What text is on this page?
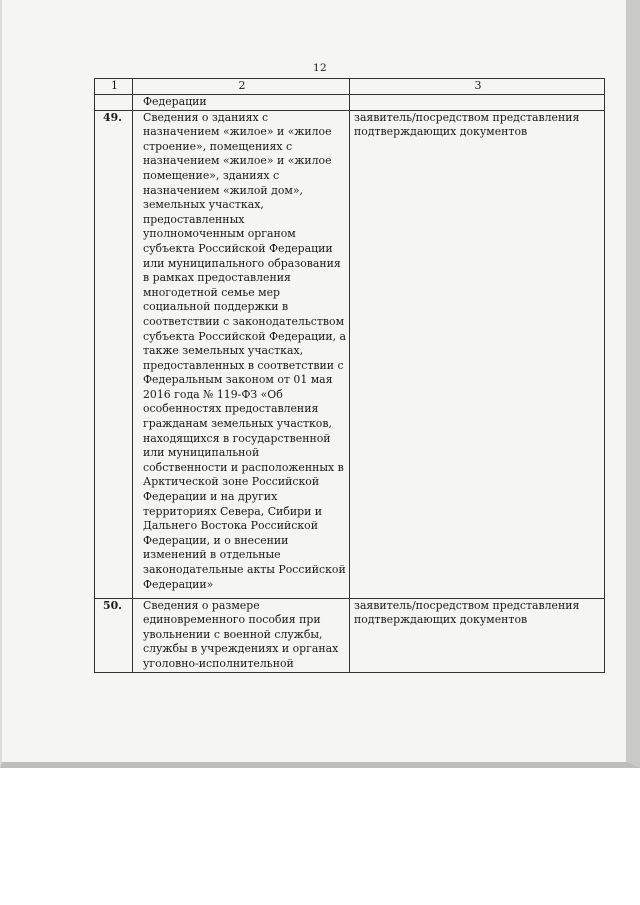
12
1	2	3
	Федерации	
49.	Сведения о зданиях с назначением «жилое» и «жилое строение», помещениях с назначением «жилое» и «жилое помещение», зданиях с назначением «жилой дом», земельных участках, предоставленных уполномоченным органом субъекта Российской Федерации или муниципального образования в рамках предоставления многодетной семье мер социальной поддержки в соответствии с законодательством субъекта Российской Федерации, а также земельных участках, предоставленных в соответствии с Федеральным законом от 01 мая 2016 года № 119-ФЗ «Об особенностях предоставления гражданам земельных участков, находящихся в государственной или муниципальной собственности и расположенных в Арктической зоне Российской Федерации и на других территориях Севера, Сибири и Дальнего Востока Российской Федерации, и о внесении изменений в отдельные законодательные акты Российской Федерации»	заявитель/посредством представления подтверждающих документов

50.	Сведения о размере единовременного пособия при увольнении с военной службы, службы в учреждениях и органах уголовно-исполнительной	заявитель/посредством представления подтверждающих документов
